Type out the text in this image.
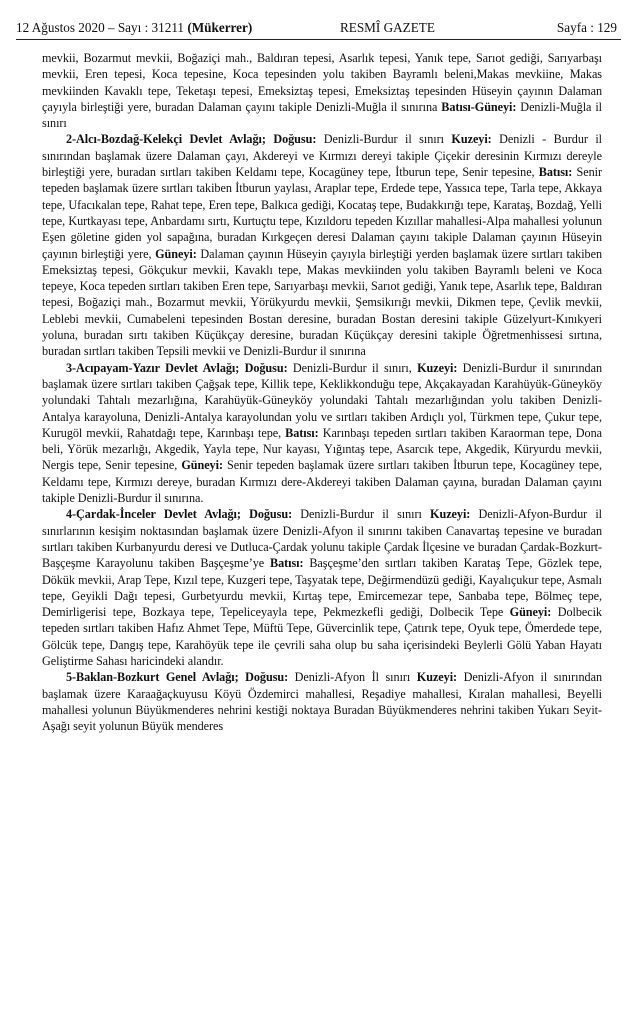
12 Ağustos 2020 – Sayı : 31211 (Mükerrer)	RESMÎ GAZETE	Sayfa : 129

mevkii, Bozarmut mevkii, Boğaziçi mah., Baldıran tepesi, Asarlık tepesi, Yanık tepe, Sarıot gediği, Sarıyarbaşı mevkii, Eren tepesi, Koca tepesine, Koca tepesinden yolu takiben Bayramlı beleni,Makas mevkiine, Makas mevkiinden Kavaklı tepe, Teketaşı tepesi, Emeksiztaş tepesi, Emeksiztaş tepesinden Hüseyin çayının Dalaman çayıyla birleştiği yere, buradan Dalaman çayını takiple Denizli-Muğla il sınırına Batısı-Güneyi: Denizli-Muğla il sınırı

2-Alcı-Bozdağ-Kelekçi Devlet Avlağı; Doğusu: Denizli-Burdur il sınırı Kuzeyi: Denizli - Burdur il sınırından başlamak üzere Dalaman çayı, Akdereyi ve Kırmızı dereyi takiple Çiçekir deresinin Kırmızı dereyle birleştiği yere, buradan sırtları takiben Keldamı tepe, Kocagüney tepe, İtburun tepe, Senir tepesine, Batısı: Senir tepeden başlamak üzere sırtları takiben İtburun yaylası, Araplar tepe, Erdede tepe, Yassıca tepe, Tarla tepe, Akkaya tepe, Ufacıkalan tepe, Rahat tepe, Eren tepe, Balkıca gediği, Kocataş tepe, Budakkırığı tepe, Karataş, Bozdağ, Yelli tepe, Kurtkayası tepe, Anbardamı sırtı, Kurtuçtu tepe, Kızıldoru tepeden Kızıllar mahallesi-Alpa mahallesi yolunun Eşen göletine giden yol sapağına, buradan Kırkgeçen deresi Dalaman çayını takiple Dalaman çayının Hüseyin çayının birleştiği yere, Güneyi: Dalaman çayının Hüseyin çayıyla birleştiği yerden başlamak üzere sırtları takiben Emeksiztaş tepesi, Gökçukur mevkii, Kavaklı tepe, Makas mevkiinden yolu takiben Bayramlı beleni ve Koca tepeye, Koca tepeden sırtları takiben Eren tepe, Sarıyarbaşı mevkii, Sarıot gediği, Yanık tepe, Asarlık tepe, Baldıran tepesi, Boğaziçi mah., Bozarmut mevkii, Yörükyurdu mevkii, Şemsikırığı mevkii, Dikmen tepe, Çevlik mevkii, Leblebi mevkii, Cumabeleni tepesinden Bostan deresine, buradan Bostan deresini takiple Güzelyurt-Kınıkyeri yoluna, buradan sırtı takiben Küçükçay deresine, buradan Küçükçay deresini takiple Öğretmenhissesi sırtına, buradan sırtları takiben Tepsili mevkii ve Denizli-Burdur il sınırına

3-Acıpayam-Yazır Devlet Avlağı; Doğusu: Denizli-Burdur il sınırı, Kuzeyi: Denizli-Burdur il sınırından başlamak üzere sırtları takiben Çağşak tepe, Killik tepe, Keklikkonduğu tepe, Akçakayadan Karahüyük-Güneyköy yolundaki Tahtalı mezarlığına, Karahüyük-Güneyköy yolundaki Tahtalı mezarlığından yolu takiben Denizli-Antalya karayoluna, Denizli-Antalya karayolundan yolu ve sırtları takiben Ardıçlı yol, Türkmen tepe, Çukur tepe, Kurugöl mevkii, Rahatdağı tepe, Karınbaşı tepe, Batısı: Karınbaşı tepeden sırtları takiben Karaorman tepe, Dona beli, Yörük mezarlığı, Akgedik, Yayla tepe, Nur kayası, Yığıntaş tepe, Asarcık tepe, Akgedik, Küryurdu mevkii, Nergis tepe, Senir tepesine, Güneyi: Senir tepeden başlamak üzere sırtları takiben İtburun tepe, Kocagüney tepe, Keldamı tepe, Kırmızı dereye, buradan Kırmızı dere-Akdereyi takiben Dalaman çayına, buradan Dalaman çayını takiple Denizli-Burdur il sınırına.

4-Çardak-İnceler Devlet Avlağı; Doğusu: Denizli-Burdur il sınırı Kuzeyi: Denizli-Afyon-Burdur il sınırlarının kesişim noktasından başlamak üzere Denizli-Afyon il sınırını takiben Canavartaş tepesine ve buradan sırtları takiben Kurbanyurdu deresi ve Dutluca-Çardak yolunu takiple Çardak İlçesine ve buradan Çardak-Bozkurt-Başçeşme Karayolunu takiben Başçeşme’ye Batısı: Başçeşme’den sırtları takiben Karataş Tepe, Gözlek tepe, Dökük mevkii, Arap Tepe, Kızıl tepe, Kuzgeri tepe, Taşyatak tepe, Değirmendüzü gediği, Kayalıçukur tepe, Asmalı tepe, Geyikli Dağı tepesi, Gurbetyurdu mevkii, Kırtaş tepe, Emircemezar tepe, Sanbaba tepe, Bölmeç tepe, Demirligerisi tepe, Bozkaya tepe, Tepeliceyayla tepe, Pekmezkefli gediği, Dolbecik Tepe Güneyi: Dolbecik tepeden sırtları takiben Hafız Ahmet Tepe, Müftü Tepe, Güvercinlik tepe, Çatırık tepe, Oyuk tepe, Ömerdede tepe, Gölcük tepe, Dangış tepe, Karahöyük tepe ile çevrili saha olup bu saha içerisindeki Beylerli Gölü Yaban Hayatı Geliştirme Sahası haricindeki alandır.

5-Baklan-Bozkurt Genel Avlağı; Doğusu: Denizli-Afyon İl sınırı Kuzeyi: Denizli-Afyon il sınırından başlamak üzere Karaağaçkuyusu Köyü Özdemirci mahallesi, Reşadiye mahallesi, Kıralan mahallesi, Beyelli mahallesi yolunun Büyükmenderes nehrini kestiği noktaya Buradan Büyükmenderes nehrini takiben Yukarı Seyit-Aşağı seyit yolunun Büyük menderes
